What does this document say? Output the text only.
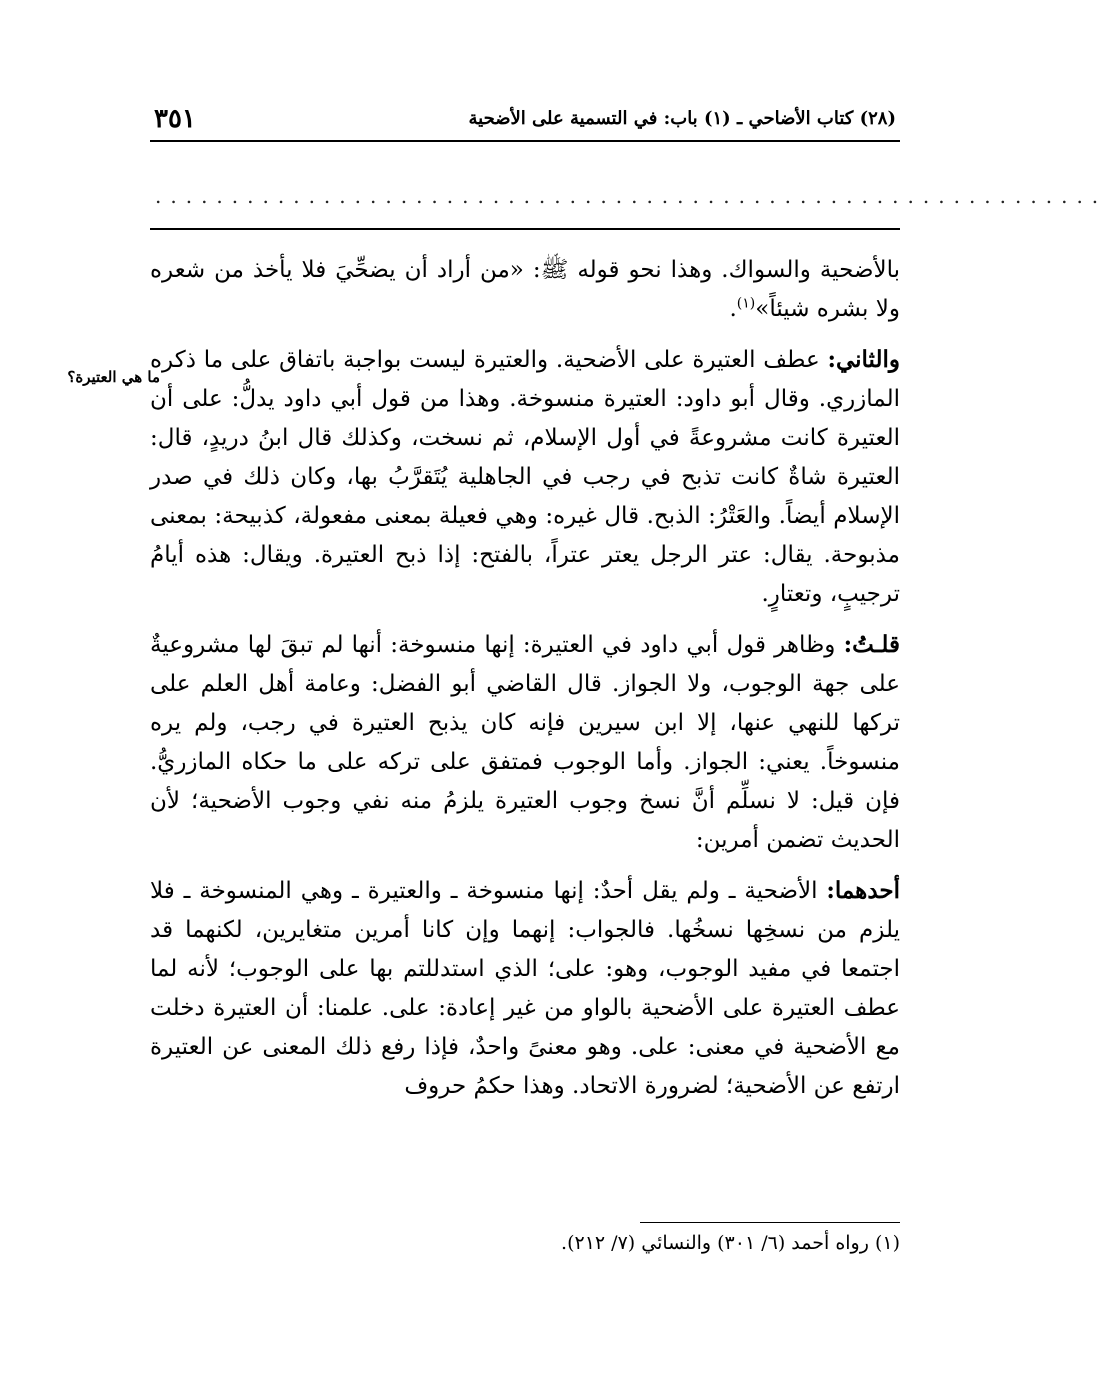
٣٥١	(٢٨) كتاب الأضاحي ـ (١) باب: في التسمية على الأضحية
..............................................................
ما هي العتيرة؟

بالأضحية والسواك. وهذا نحو قوله ﷺ: «من أراد أن يضحِّيَ فلا يأخذ من شعره ولا بشره شيئاً»$^{(١)}$.

والثاني: عطف العتيرة على الأضحية. والعتيرة ليست بواجبة باتفاق على ما ذكره المازري. وقال أبو داود: العتيرة منسوخة. وهذا من قول أبي داود يدلُّ: على أن العتيرة كانت مشروعةً في أول الإسلام، ثم نسخت، وكذلك قال ابنُ دريدٍ، قال: العتيرة شاةٌ كانت تذبح في رجب في الجاهلية يُتَقرَّبُ بها، وكان ذلك في صدر الإسلام أيضاً. والعَتْرُ: الذبح. قال غيره: وهي فعيلة بمعنى مفعولة، كذبيحة: بمعنى مذبوحة. يقال: عتر الرجل يعتر عتراً، بالفتح: إذا ذبح العتيرة. ويقال: هذه أيامُ ترجيبٍ، وتعتارٍ.

قلـتُ: وظاهر قول أبي داود في العتيرة: إنها منسوخة: أنها لم تبقَ لها مشروعيةٌ على جهة الوجوب، ولا الجواز. قال القاضي أبو الفضل: وعامة أهل العلم على تركها للنهي عنها، إلا ابن سيرين فإنه كان يذبح العتيرة في رجب، ولم يره منسوخاً. يعني: الجواز. وأما الوجوب فمتفق على تركه على ما حكاه المازريُّ. فإن قيل: لا نسلِّم أنَّ نسخ وجوب العتيرة يلزمُ منه نفي وجوب الأضحية؛ لأن الحديث تضمن أمرين:

أحدهما: الأضحية ـ ولم يقل أحدٌ: إنها منسوخة ـ والعتيرة ـ وهي المنسوخة ـ فلا يلزم من نسخِها نسخُها. فالجواب: إنهما وإن كانا أمرين متغايرين، لكنهما قد اجتمعا في مفيد الوجوب، وهو: على؛ الذي استدللتم بها على الوجوب؛ لأنه لما عطف العتيرة على الأضحية بالواو من غير إعادة: على. علمنا: أن العتيرة دخلت مع الأضحية في معنى: على. وهو معنىً واحدٌ، فإذا رفع ذلك المعنى عن العتيرة ارتفع عن الأضحية؛ لضرورة الاتحاد. وهذا حكمُ حروف

(١) رواه أحمد (٦/ ٣٠١) والنسائي (٧/ ٢١٢).
